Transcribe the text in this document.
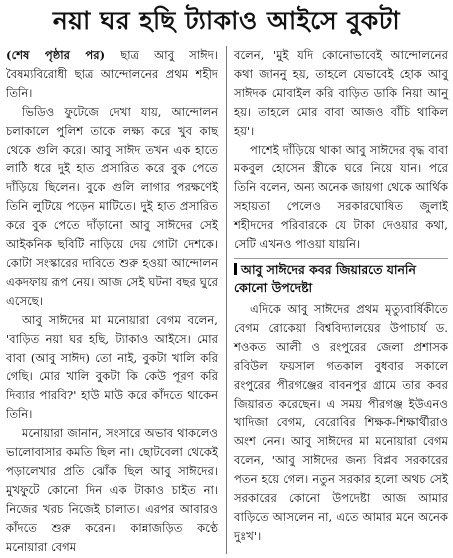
নয়া ঘর হছি ট্যাকাও আইসে বুকটা

(শেষ পৃষ্ঠার পর) ছাত্র আবু সাঈদ। বৈষম্যবিরোধী ছাত্র আন্দোলনের প্রথম শহীদ তিনি।

ভিডিও ফুটেজে দেখা যায়, আন্দোলন চলাকালে পুলিশ তাকে লক্ষ্য করে খুব কাছ থেকে গুলি করে। আবু সাঈদ তখন এক হাতে লাঠি ধরে দুই হাত প্রসারিত করে বুক পেতে দাঁড়িয়ে ছিলেন। বুকে গুলি লাগার পরক্ষণেই তিনি লুটিয়ে পড়েন মাটিতে। দুই হাত প্রসারিত করে বুক পেতে দাঁড়ানো আবু সাঈদের সেই আইকনিক ছবিটি নাড়িয়ে দেয় গোটা দেশকে। কোটা সংস্কারের দাবিতে শুরু হওয়া আন্দোলন একদফায় রূপ নেয়। আজ সেই ঘটনা বছর ঘুরে এসেছে।

আবু সাঈদের মা মনোয়ারা বেগম বলেন, 'বাড়িত নয়া ঘর হছি, ট্যাকাও আইসে। মোর বাবা (আবু সাঈদ) তো নাই, বুকটা খালি করি গেছি। মোর খালি বুকটা কি কেউ পূরণ করি দিব্যার পারবি?' হাউ মাউ করে কাঁদতে থাকেন তিনি।

মনোয়ারা জানান, সংসারে অভাব থাকলেও ভালোবাসার কমতি ছিল না। ছোটবেলা থেকেই পড়ালেখার প্রতি ঝোঁক ছিল আবু সাঈদের। মুখফুটে কোনো দিন এক টাকাও চাইত না। নিজের খরচ নিজেই চালাত। এরপর আবারও কাঁদতে শুরু করেন। কান্নাজড়িত কণ্ঠে মনোয়ারা বেগম

বলেন, 'মুই যদি কোনোভাবেই আন্দোলনের কথা জাননু হয়, তাহলে যেভাবেই হোক আবু সাঈদক মোবাইল করি বাড়িত ডাকি নিয়া আনু হয়। তাহলে মোর বাবা আজও বাঁচি থাকিল হয়'।

পাশেই দাঁড়িয়ে থাকা আবু সাঈদের বৃদ্ধ বাবা মকবুল হোসেন স্ত্রীকে ঘরে নিয়ে যান। পরে তিনি বলেন, অন্য অনেক জায়গা থেকে আর্থিক সহায়তা পেলেও সরকারঘোষিত জুলাই শহীদদের পরিবারকে যে টাকা দেওয়ার কথা, সেটি এখনও পাওয়া যায়নি।

আবু সাঈদের কবর জিয়ারতে যাননি কোনো উপদেষ্টা

এদিকে আবু সাঈদের প্রথম মৃত্যুবার্ষিকীতে বেগম রোকেয়া বিশ্ববিদ্যালয়ের উপাচার্য ড. শওকত আলী ও রংপুরের জেলা প্রশাসক রবিউল ফয়সাল গতকাল বুধবার সকালে রংপুরের পীরগঞ্জের বাবনপুর গ্রামে তার কবর জিয়ারত করেছেন। এ সময় পীরগঞ্জ ইউএনও খাদিজা বেগম, বেরোবির শিক্ষক-শিক্ষার্থীরাও অংশ নেন। আবু সাঈদের মা মনোয়ারা বেগম বলেন, 'আবু সাঈদের জন্য বিপ্লব সরকারের পতন হয়ে গেল। নতুন সরকার হলো অথচ সেই সরকারের কোনো উপদেষ্টা আজ আমার বাড়িতে আসলেন না, এতে আমার মনে অনেক দুঃখ'।
